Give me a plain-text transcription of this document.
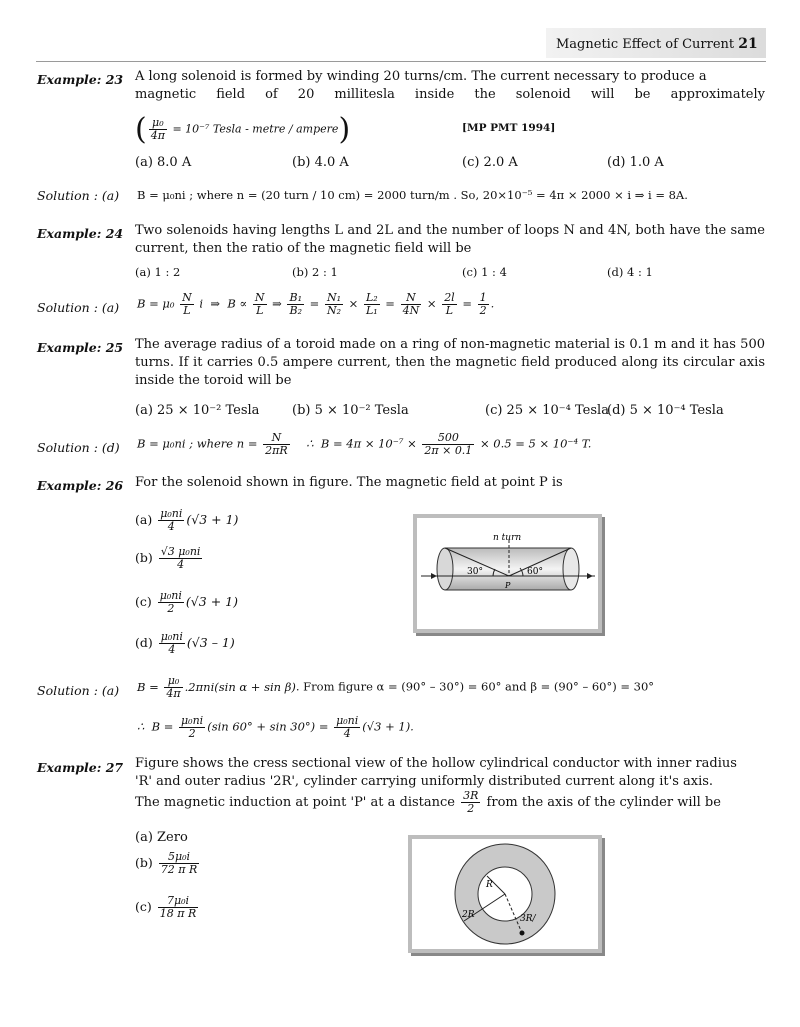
Magnetic Effect of Current 21
Example: 23 A long solenoid is formed by winding 20 turns/cm. The current necessary to produce a
magnetic field of 20 millitesla inside the solenoid will be approximately
( $\frac{\text{μ₀}}{4\pi} = 10^{-7}$ Tesla - metre / ampere)	[MP PMT 1994]
(a) 8.0 A	(b) 4.0 A	(c) 2.0 A	(d) 1.0 A
Solution : (a) B = μ₀ni ; where n = (20 turn / 10 cm) = 2000 turn/m . So, 20×10⁻⁵ = 4π × 2000 × i ⇒ i = 8A.
Example: 24 Two solenoids having lengths L and 2L and the number of loops N and 4N, both have the same current, then the ratio of the magnetic field will be
(a) 1 : 2	(b) 2 : 1	(c) 1 : 4	(d) 4 : 1
Solution : (a) $B = \mu_0 \frac{N}{L}$ i  ⇒  $B \propto \frac{N}{L}$ ⇒ $\frac{\text{B₁}}{\text{B₂}} = \frac{\text{N₁}}{\text{N₂}} \times \frac{\text{L₂}}{\text{L₁}} = \frac{N}{4N} \times \frac{2l}{L} = \frac{1}{2}$ .
Example: 25 The average radius of a toroid made on a ring of non-magnetic material is 0.1 m and it has 500 turns. If it carries 0.5 ampere current, then the magnetic field produced along its circular axis inside the toroid will be
(a) 25 × 10⁻² Tesla	(b) 5 × 10⁻² Tesla	(c) 25 × 10⁻⁴ Tesla
(d) 5 × 10⁻⁴ Tesla
Solution : (d) B = μ₀ni ; where $n = \frac{N}{2\pi R}$ ∴  $B = 4\pi \times 10^{-7} \times \frac{500}{2\pi \times 0.1} \times 0.5 = 5 \times 10^{-4}$ T.
Example: 26 For the solenoid shown in figure. The magnetic field at point P is
$(a) \frac{\text{μ₀ni}}{4} (√3 + 1)$
$(b) \frac{\text{√3 μ₀ni}}{4}$
$(c) \frac{\text{μ₀ni}}{2} (√3 + 1)$
$(d) \frac{\text{μ₀ni}}{4} (√3 - 1)$
n turn
30°	60°
P
Solution : (a) $B = \frac{\text{μ₀}}{4\pi} .2\pi ni(\sin$ α + sin β). From figure α = (90° – 30°) = 60° and β = (90° – 60°) = 30°
∴  $B = \frac{\text{μ₀ni}}{2} (\sin$ $60^\circ + \sin 30^\circ) = \frac{\text{μ₀ni}}{4} (√3 + 1)$.
Example: 27 Figure shows the cress sectional view of the hollow cylindrical conductor with inner radius
'R' and outer radius '2R', cylinder carrying uniformly distributed current along it's axis.
The magnetic induction at point 'P' at a distance $\frac{3R}{2}$ from the axis of the cylinder will be
(a) Zero
$(b) \frac{\text{5μ₀i}}{\text{72 π R}}$
$(c) \frac{\text{7μ₀i}}{\text{18 π R}}$
R
2R	3R/
